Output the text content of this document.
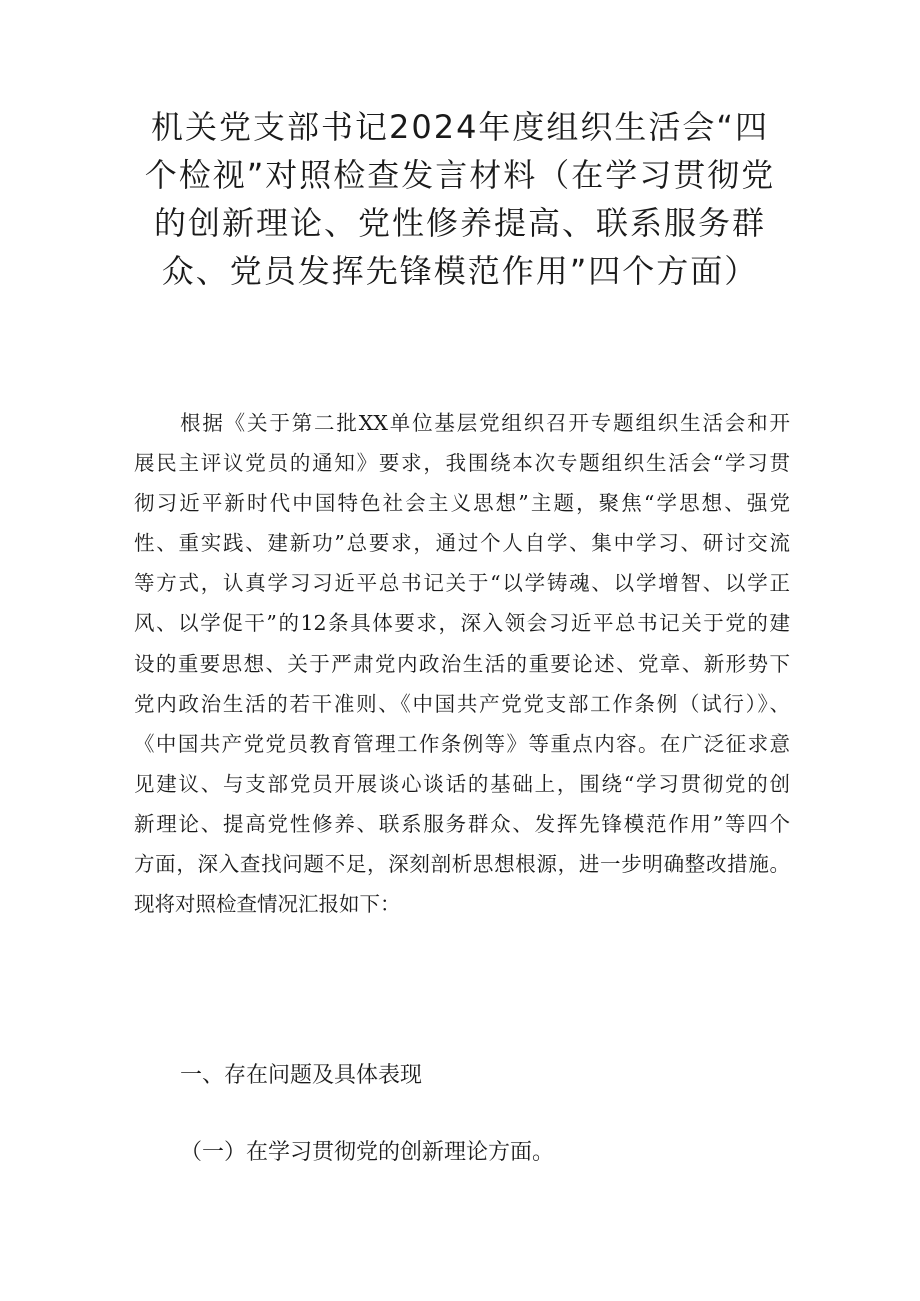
机关党支部书记2024年度组织生活会“四
个检视”对照检查发言材料（在学习贯彻党
的创新理论、党性修养提高、联系服务群
众、党员发挥先锋模范作用”四个方面）

根据《关于第二批XX单位基层党组织召开专题组织生活会和开
展民主评议党员的通知》要求，我围绕本次专题组织生活会“学习贯
彻习近平新时代中国特色社会主义思想”主题，聚焦“学思想、强党
性、重实践、建新功”总要求，通过个人自学、集中学习、研讨交流
等方式，认真学习习近平总书记关于“以学铸魂、以学增智、以学正
风、以学促干”的12条具体要求，深入领会习近平总书记关于党的建
设的重要思想、关于严肃党内政治生活的重要论述、党章、新形势下
党内政治生活的若干准则、《中国共产党党支部工作条例（试行）》、
《中国共产党党员教育管理工作条例等》等重点内容。在广泛征求意
见建议、与支部党员开展谈心谈话的基础上，围绕“学习贯彻党的创
新理论、提高党性修养、联系服务群众、发挥先锋模范作用”等四个
方面，深入查找问题不足，深刻剖析思想根源，进一步明确整改措施。
现将对照检查情况汇报如下：

一、存在问题及具体表现
（一）在学习贯彻党的创新理论方面。
